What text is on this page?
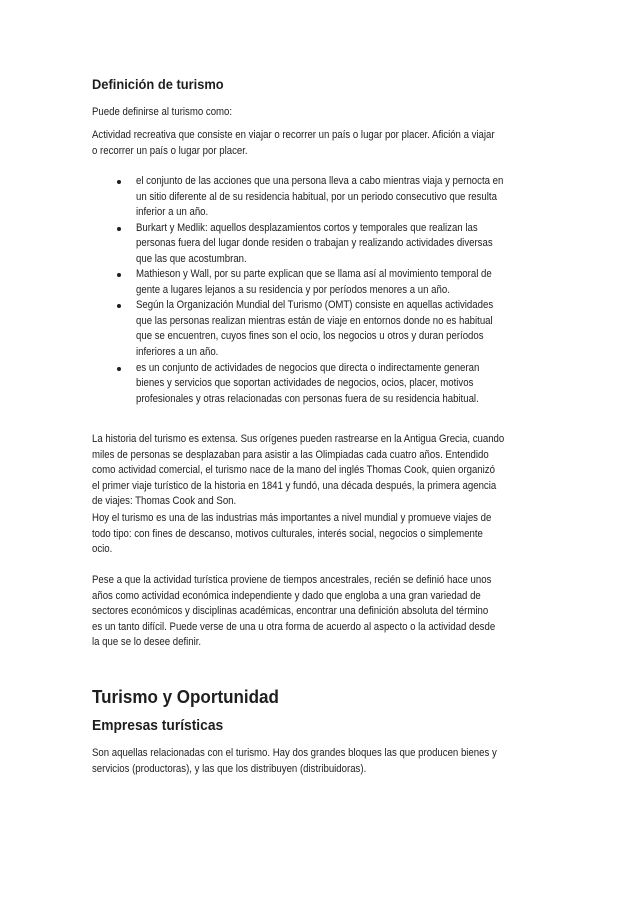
Definición de turismo
Puede definirse al turismo como:
Actividad recreativa que consiste en viajar o recorrer un país o lugar por placer. Afición a viajar
o recorrer un país o lugar por placer.
el conjunto de las acciones que una persona lleva a cabo mientras viaja y pernocta en
un sitio diferente al de su residencia habitual, por un periodo consecutivo que resulta
inferior a un año.
Burkart y Medlik: aquellos desplazamientos cortos y temporales que realizan las
personas fuera del lugar donde residen o trabajan y realizando actividades diversas
que las que acostumbran.
Mathieson y Wall, por su parte explican que se llama así al movimiento temporal de
gente a lugares lejanos a su residencia y por períodos menores a un año.
Según la Organización Mundial del Turismo (OMT) consiste en aquellas actividades
que las personas realizan mientras están de viaje en entornos donde no es habitual
que se encuentren, cuyos fines son el ocio, los negocios u otros y duran períodos
inferiores a un año.
es un conjunto de actividades de negocios que directa o indirectamente generan
bienes y servicios que soportan actividades de negocios, ocios, placer, motivos
profesionales y otras relacionadas con personas fuera de su residencia habitual.
La historia del turismo es extensa. Sus orígenes pueden rastrearse en la Antigua Grecia, cuando
miles de personas se desplazaban para asistir a las Olimpiadas cada cuatro años. Entendido
como actividad comercial, el turismo nace de la mano del inglés Thomas Cook, quien organizó
el primer viaje turístico de la historia en 1841 y fundó, una década después, la primera agencia
de viajes: Thomas Cook and Son.
Hoy el turismo es una de las industrias más importantes a nivel mundial y promueve viajes de
todo tipo: con fines de descanso, motivos culturales, interés social, negocios o simplemente
ocio.
Pese a que la actividad turística proviene de tiempos ancestrales, recién se definió hace unos
años como actividad económica independiente y dado que engloba a una gran variedad de
sectores económicos y disciplinas académicas, encontrar una definición absoluta del término
es un tanto difícil. Puede verse de una u otra forma de acuerdo al aspecto o la actividad desde
la que se lo desee definir.
Turismo y Oportunidad
Empresas turísticas
Son aquellas relacionadas con el turismo. Hay dos grandes bloques las que producen bienes y
servicios (productoras), y las que los distribuyen (distribuidoras).
